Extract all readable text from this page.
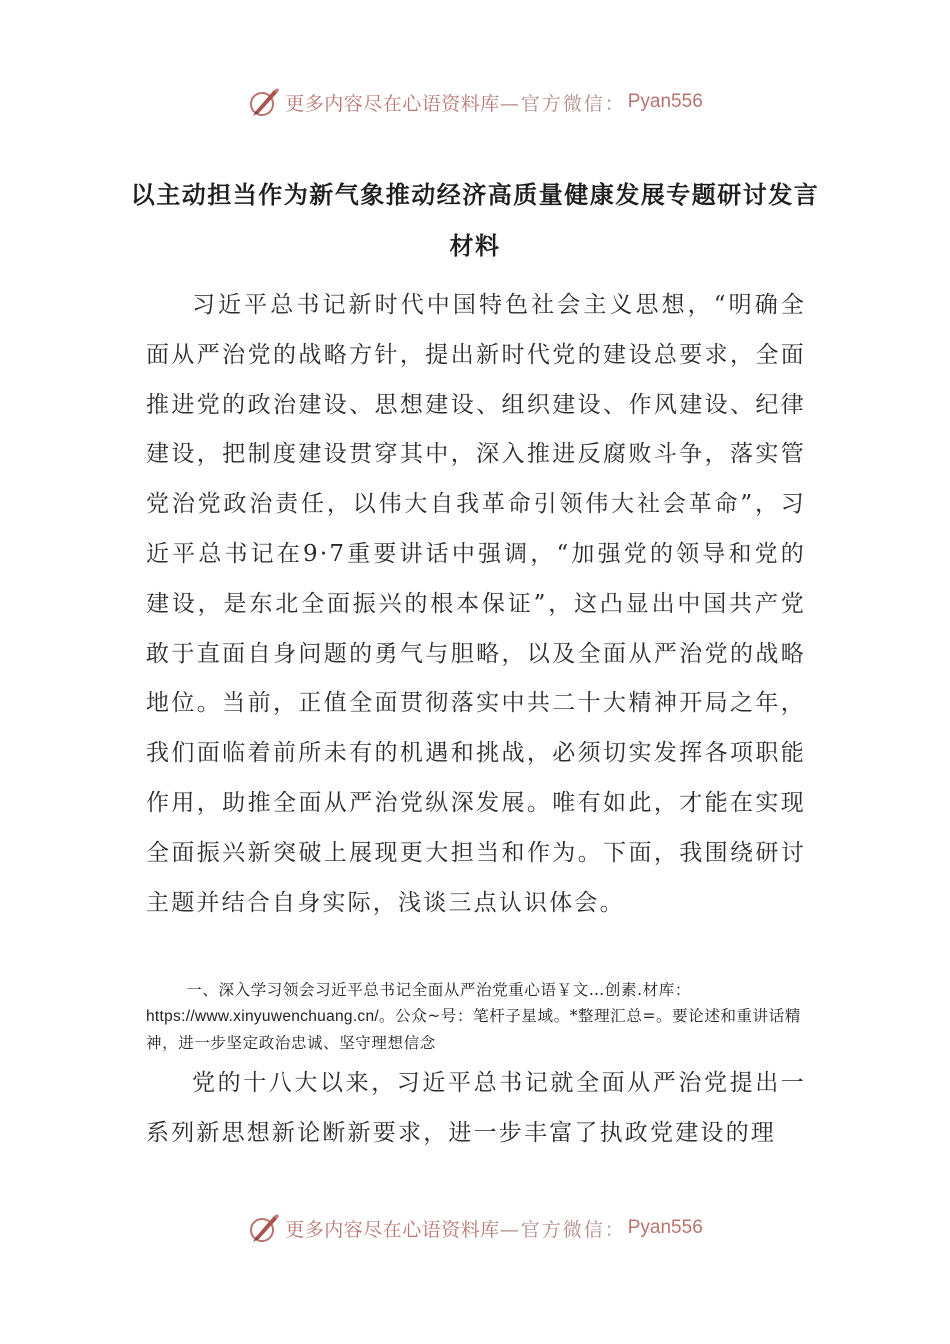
更多内容尽在心语资料库 —官方微信： Pyan556
以主动担当作为新气象推动经济高质量健康发展专题研讨发言材料

习近平总书记新时代中国特色社会主义思想，“明确全面从严治党的战略方针，提出新时代党的建设总要求，全面推进党的政治建设、思想建设、组织建设、作风建设、纪律建设，把制度建设贯穿其中，深入推进反腐败斗争，落实管党治党政治责任，以伟大自我革命引领伟大社会革命”，习近平总书记在9·7重要讲话中强调，“加强党的领导和党的建设，是东北全面振兴的根本保证”，这凸显出中国共产党敢于直面自身问题的勇气与胆略，以及全面从严治党的战略地位。当前，正值全面贯彻落实中共二十大精神开局之年，我们面临着前所未有的机遇和挑战，必须切实发挥各项职能作用，助推全面从严治党纵深发展。唯有如此，才能在实现全面振兴新突破上展现更大担当和作为。下面，我围绕研讨主题并结合自身实际，浅谈三点认识体会。

一、深入学习领会习近平总书记全面从严治党重心语￥文…创素.材库：https://www.xinyuwenchuang.cn/。公众~号：笔杆子星域。*整理汇总=。要论述和重讲话精神，进一步坚定政治忠诚、坚守理想信念

党的十八大以来，习近平总书记就全面从严治党提出一系列新思想新论断新要求，进一步丰富了执政党建设的理

更多内容尽在心语资料库 —官方微信： Pyan556
